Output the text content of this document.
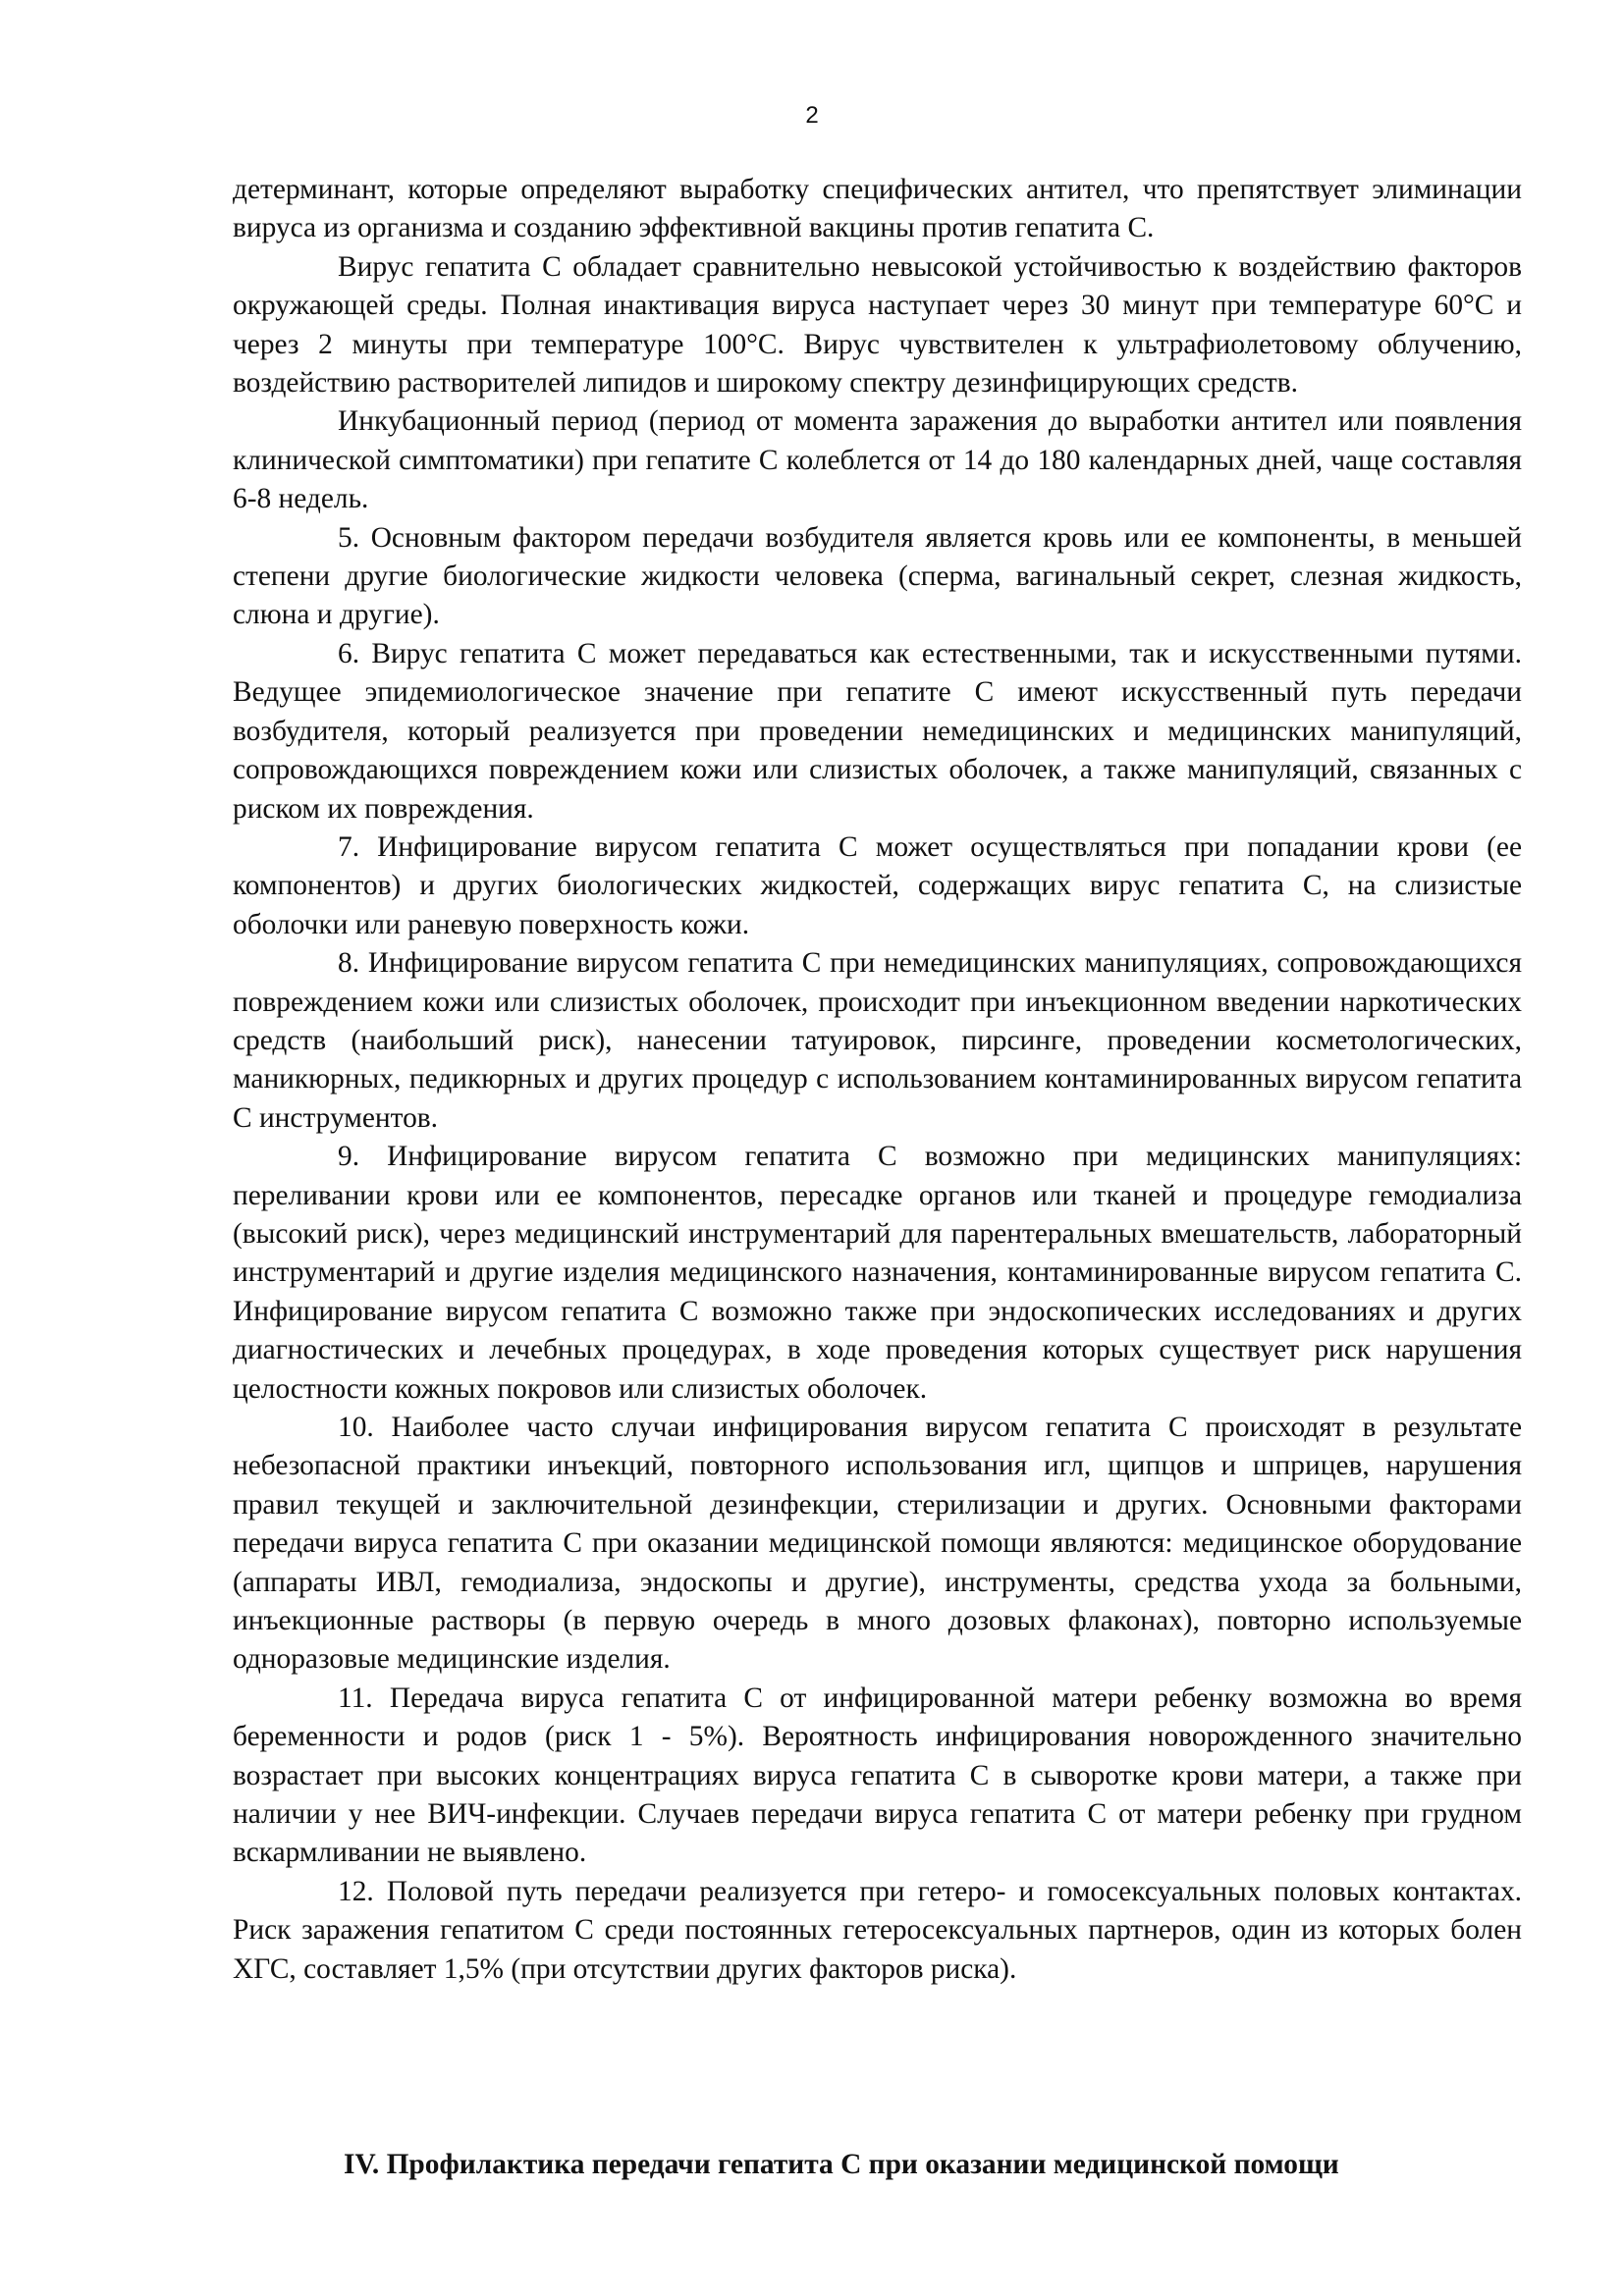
2

детерминант, которые определяют выработку специфических антител, что препятствует элиминации вируса из организма и созданию эффективной вакцины против гепатита С.

Вирус гепатита С обладает сравнительно невысокой устойчивостью к воздействию факторов окружающей среды. Полная инактивация вируса наступает через 30 минут при температуре 60°С и через 2 минуты при температуре 100°С. Вирус чувствителен к ультрафиолетовому облучению, воздействию растворителей липидов и широкому спектру дезинфицирующих средств.

Инкубационный период (период от момента заражения до выработки антител или появления клинической симптоматики) при гепатите С колеблется от 14 до 180 календарных дней, чаще составляя 6-8 недель.

5. Основным фактором передачи возбудителя является кровь или ее компоненты, в меньшей степени другие биологические жидкости человека (сперма, вагинальный секрет, слезная жидкость, слюна и другие).

6. Вирус гепатита С может передаваться как естественными, так и искусственными путями. Ведущее эпидемиологическое значение при гепатите С имеют искусственный путь передачи возбудителя, который реализуется при проведении немедицинских и медицинских манипуляций, сопровождающихся повреждением кожи или слизистых оболочек, а также манипуляций, связанных с риском их повреждения.

7. Инфицирование вирусом гепатита С может осуществляться при попадании крови (ее компонентов) и других биологических жидкостей, содержащих вирус гепатита С, на слизистые оболочки или раневую поверхность кожи.

8. Инфицирование вирусом гепатита С при немедицинских манипуляциях, сопровождающихся повреждением кожи или слизистых оболочек, происходит при инъекционном введении наркотических средств (наибольший риск), нанесении татуировок, пирсинге, проведении косметологических, маникюрных, педикюрных и других процедур с использованием контаминированных вирусом гепатита С инструментов.

9. Инфицирование вирусом гепатита С возможно при медицинских манипуляциях: переливании крови или ее компонентов, пересадке органов или тканей и процедуре гемодиализа (высокий риск), через медицинский инструментарий для парентеральных вмешательств, лабораторный инструментарий и другие изделия медицинского назначения, контаминированные вирусом гепатита С. Инфицирование вирусом гепатита С возможно также при эндоскопических исследованиях и других диагностических и лечебных процедурах, в ходе проведения которых существует риск нарушения целостности кожных покровов или слизистых оболочек.

10. Наиболее часто случаи инфицирования вирусом гепатита С происходят в результате небезопасной практики инъекций, повторного использования игл, щипцов и шприцев, нарушения правил текущей и заключительной дезинфекции, стерилизации и других. Основными факторами передачи вируса гепатита С при оказании медицинской помощи являются: медицинское оборудование (аппараты ИВЛ, гемодиализа, эндоскопы и другие), инструменты, средства ухода за больными, инъекционные растворы (в первую очередь в много дозовых флаконах), повторно используемые одноразовые медицинские изделия.

11. Передача вируса гепатита С от инфицированной матери ребенку возможна во время беременности и родов (риск 1 - 5%). Вероятность инфицирования новорожденного значительно возрастает при высоких концентрациях вируса гепатита С в сыворотке крови матери, а также при наличии у нее ВИЧ-инфекции. Случаев передачи вируса гепатита С от матери ребенку при грудном вскармливании не выявлено.

12. Половой путь передачи реализуется при гетеро- и гомосексуальных половых контактах. Риск заражения гепатитом С среди постоянных гетеросексуальных партнеров, один из которых болен ХГС, составляет 1,5% (при отсутствии других факторов риска).

IV. Профилактика передачи гепатита С при оказании медицинской помощи
